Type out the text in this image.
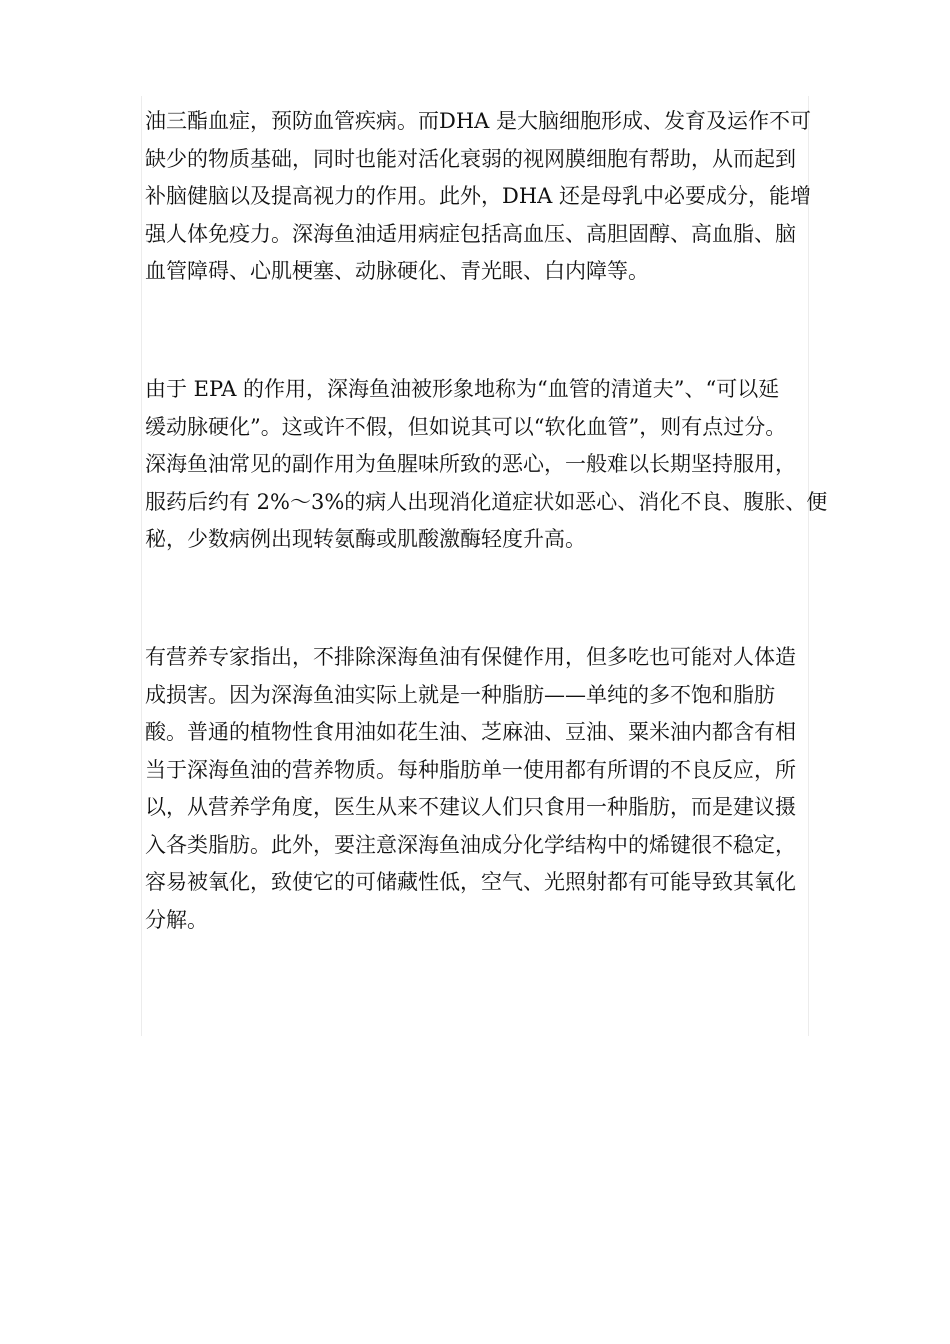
油三酯血症，预防血管疾病。而DHA 是大脑细胞形成、发育及运作不可
缺少的物质基础，同时也能对活化衰弱的视网膜细胞有帮助，从而起到
补脑健脑以及提高视力的作用。此外，DHA 还是母乳中必要成分，能增
强人体免疫力。深海鱼油适用病症包括高血压、高胆固醇、高血脂、脑
血管障碍、心肌梗塞、动脉硬化、青光眼、白内障等。

由于 EPA 的作用，深海鱼油被形象地称为“血管的清道夫”、“可以延
缓动脉硬化”。这或许不假，但如说其可以“软化血管”，则有点过分。
深海鱼油常见的副作用为鱼腥味所致的恶心，一般难以长期坚持服用，
服药后约有 2%～3%的病人出现消化道症状如恶心、消化不良、腹胀、便
秘，少数病例出现转氨酶或肌酸激酶轻度升高。

有营养专家指出，不排除深海鱼油有保健作用，但多吃也可能对人体造
成损害。因为深海鱼油实际上就是一种脂肪——单纯的多不饱和脂肪
酸。普通的植物性食用油如花生油、芝麻油、豆油、粟米油内都含有相
当于深海鱼油的营养物质。每种脂肪单一使用都有所谓的不良反应，所
以，从营养学角度，医生从来不建议人们只食用一种脂肪，而是建议摄
入各类脂肪。此外，要注意深海鱼油成分化学结构中的烯键很不稳定，
容易被氧化，致使它的可储藏性低，空气、光照射都有可能导致其氧化
分解。
